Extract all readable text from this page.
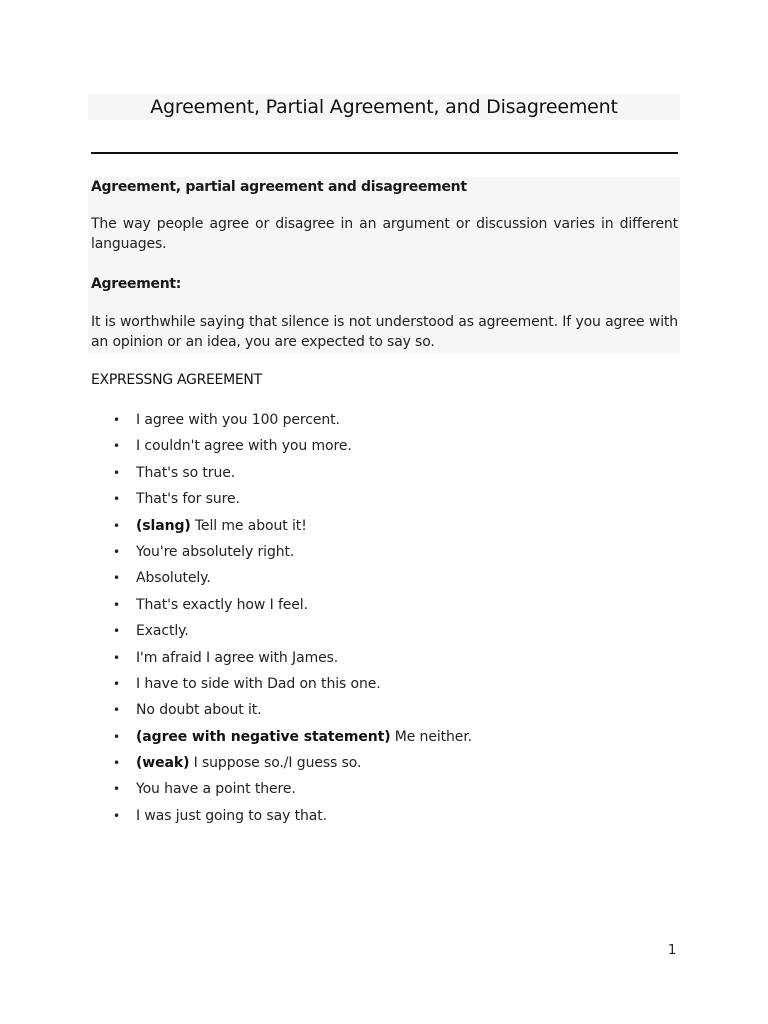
Agreement, Partial Agreement, and Disagreement
Agreement, partial agreement and disagreement
The way people agree or disagree in an argument or discussion varies in different languages.
Agreement:
It is worthwhile saying that silence is not understood as agreement. If you agree with an opinion or an idea, you are expected to say so.
EXPRESSNG AGREEMENT
• I agree with you 100 percent.
• I couldn't agree with you more.
• That's so true.
• That's for sure.
• (slang) Tell me about it!
• You're absolutely right.
• Absolutely.
• That's exactly how I feel.
• Exactly.
• I'm afraid I agree with James.
• I have to side with Dad on this one.
• No doubt about it.
• (agree with negative statement) Me neither.
• (weak) I suppose so./I guess so.
• You have a point there.
• I was just going to say that.
1
